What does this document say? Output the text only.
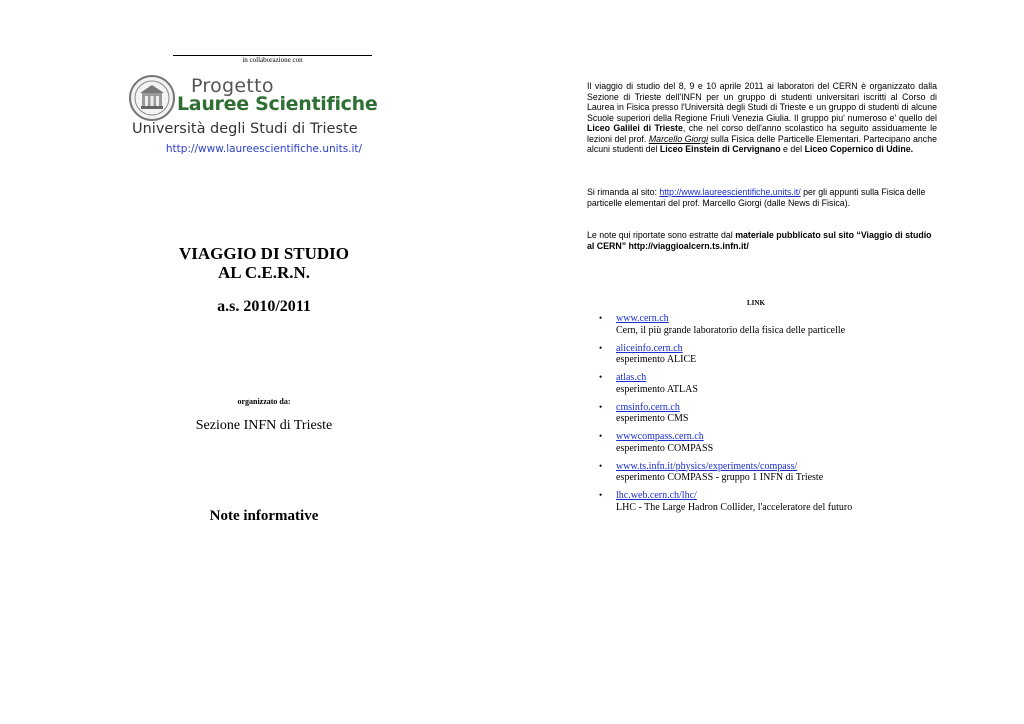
in collaborazione con
Progetto
Lauree Scientifiche
Università degli Studi di Trieste
http://www.laureescientifiche.units.it/
VIAGGIO DI STUDIO
AL C.E.R.N.
a.s. 2010/2011
organizzato da:
Sezione INFN di Trieste
Note informative
Il viaggio di studio del 8, 9 e 10 aprile 2011 ai laboratori del CERN è organizzato dalla Sezione di Trieste dell'INFN per un gruppo di studenti universitari iscritti al Corso di Laurea in Fisica presso l'Università degli Studi di Trieste e un gruppo di studenti di alcune Scuole superiori della Regione Friuli Venezia Giulia. Il gruppo piu' numeroso e' quello del Liceo Galilei di Trieste, che nel corso dell'anno scolastico ha seguito assiduamente le lezioni del prof. Marcello Giorgi sulla Fisica delle Particelle Elementari. Partecipano anche alcuni studenti del Liceo Einstein di Cervignano e del Liceo Copernico di Udine.
Si rimanda al sito: http://www.laureescientifiche.units.it/ per gli appunti sulla Fisica delle particelle elementari del prof. Marcello Giorgi (dalle News di Fisica).
Le note qui riportate sono estratte dal materiale pubblicato sul sito “Viaggio di studio al CERN” http://viaggioalcern.ts.infn.it/
LINK
• www.cern.ch
Cern, il più grande laboratorio della fisica delle particelle
• aliceinfo.cern.ch
esperimento ALICE
• atlas.ch
esperimento ATLAS
• cmsinfo.cern.ch
esperimento CMS
• wwwcompass.cern.ch
esperimento COMPASS
• www.ts.infn.it/physics/experiments/compass/
esperimento COMPASS - gruppo 1 INFN di Trieste
• lhc.web.cern.ch/lhc/
LHC - The Large Hadron Collider, l'acceleratore del futuro
